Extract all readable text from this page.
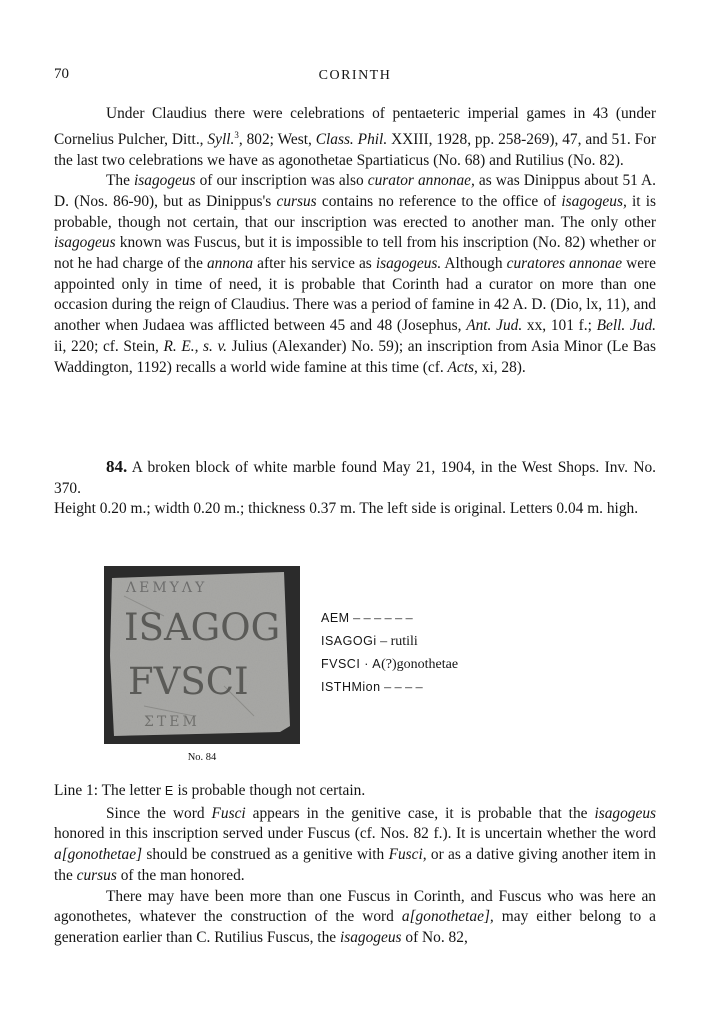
70	CORINTH

Under Claudius there were celebrations of pentaeteric imperial games in 43 (under Cornelius Pulcher, Ditt., Syll.$^3$, 802; West, Class. Phil. XXIII, 1928, pp. 258-269), 47, and 51. For the last two celebrations we have as agonothetae Spartiaticus (No. 68) and Rutilius (No. 82).

The isagogeus of our inscription was also curator annonae, as was Dinippus about 51 A. D. (Nos. 86-90), but as Dinippus's cursus contains no reference to the office of isagogeus, it is probable, though not certain, that our inscription was erected to another man. The only other isagogeus known was Fuscus, but it is impossible to tell from his inscription (No. 82) whether or not he had charge of the annona after his service as isagogeus. Although curatores annonae were appointed only in time of need, it is probable that Corinth had a curator on more than one occasion during the reign of Claudius. There was a period of famine in 42 A. D. (Dio, lx, 11), and another when Judaea was afflicted between 45 and 48 (Josephus, Ant. Jud. xx, 101 f.; Bell. Jud. ii, 220; cf. Stein, R. E., s. v. Julius (Alexander) No. 59); an inscription from Asia Minor (Le Bas Waddington, 1192) recalls a world wide famine at this time (cf. Acts, xi, 28).

84. A broken block of white marble found May 21, 1904, in the West Shops. Inv. No. 370.

Height 0.20 m.; width 0.20 m.; thickness 0.37 m. The left side is original. Letters 0.04 m. high.

ΛΕΜΥΛΥ
ISAGOG
FVSCI
ΣΤΕΜ
No. 84
AEM – – – – – –
ISAGOGi – rutili
FVSCI · A(?)gonothetae
ISTHMion – – – –

Line 1: The letter E is probable though not certain.

Since the word Fusci appears in the genitive case, it is probable that the isagogeus honored in this inscription served under Fuscus (cf. Nos. 82 f.). It is uncertain whether the word a[gonothetae] should be construed as a genitive with Fusci, or as a dative giving another item in the cursus of the man honored.

There may have been more than one Fuscus in Corinth, and Fuscus who was here an agonothetes, whatever the construction of the word a[gonothetae], may either belong to a generation earlier than C. Rutilius Fuscus, the isagogeus of No. 82,
